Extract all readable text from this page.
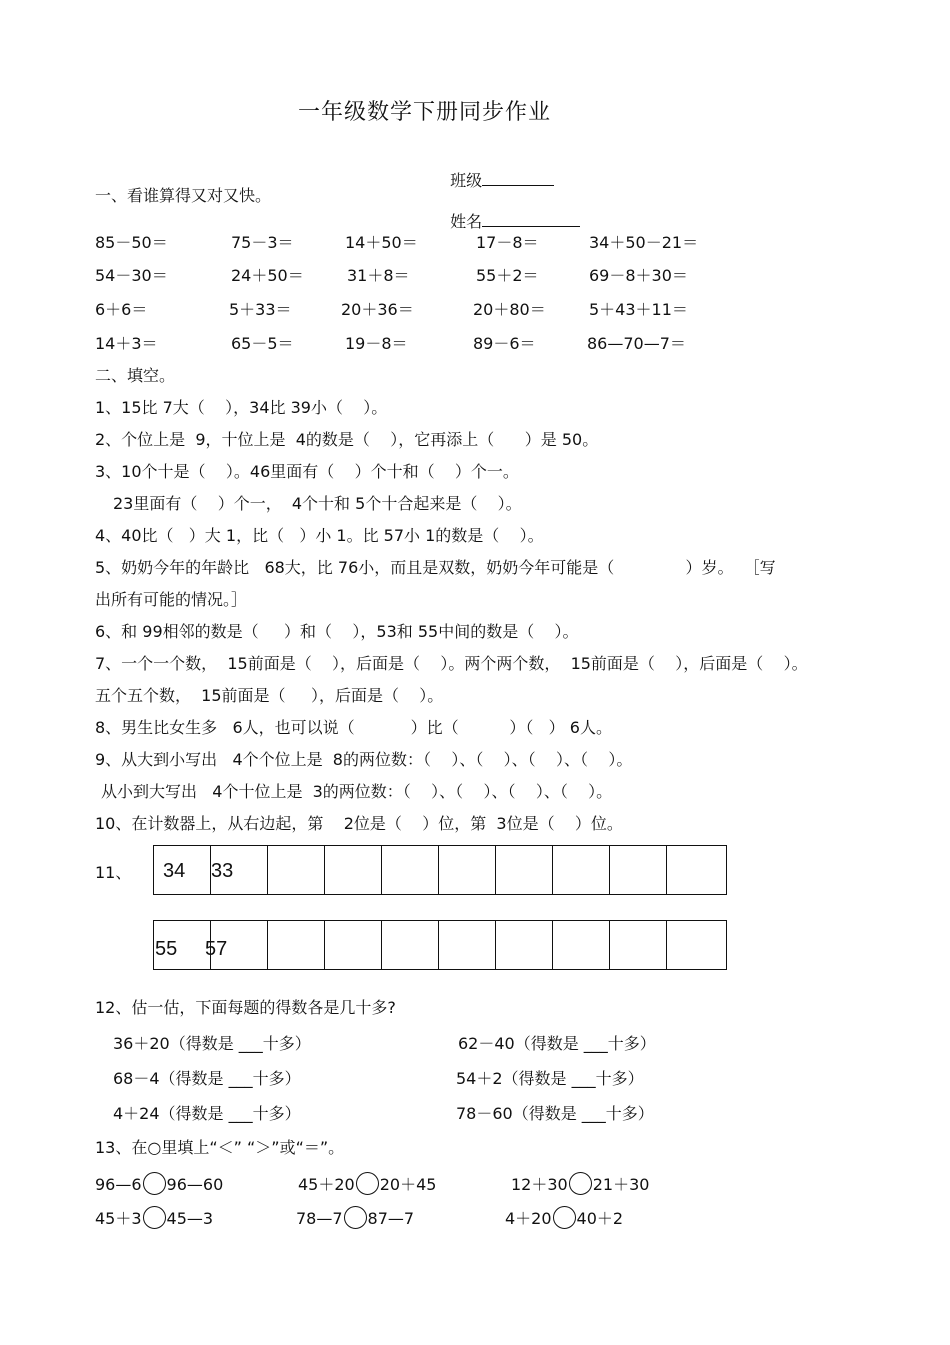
一年级数学下册同步作业

班级

姓名

一、看谁算得又对又快。
85－50＝	75－3＝	14＋50＝	17－8＝	34＋50－21＝
54－30＝	24＋50＝	31＋8＝	55＋2＝	69－8＋30＝
6＋6＝	5＋33＝	20＋36＝	20＋80＝	5＋43＋11＝
14＋3＝	65－5＝	19－8＝	89－6＝	86—70—7＝
二、填空。
1、15比 7大（    ），34比 39小（    ）。
2、个位上是  9，十位上是  4的数是（    ），它再添上（      ）是 50。
3、10个十是（    ）。46里面有（    ）个十和（    ）个一。
23里面有（    ）个一，  4个十和 5个十合起来是（    ）。
4、40比（   ）大 1，比（   ）小 1。比 57小 1的数是（    ）。
5、奶奶今年的年龄比   68大，比 76小，而且是双数，奶奶今年可能是（              ）岁。  ［写
出所有可能的情况。］
6、和 99相邻的数是（     ）和（    ），53和 55中间的数是（    ）。
7、一个一个数，  15前面是（    ），后面是（    ）。两个两个数，  15前面是（    ），后面是（    ）。
五个五个数，  15前面是（     ），后面是（    ）。
8、男生比女生多   6人，也可以说（           ）比（          ）（   ） 6人。
9、从大到小写出   4个个位上是  8的两位数：（    ）、（    ）、（    ）、（    ）。
从小到大写出   4个十位上是  3的两位数：（    ）、（    ）、（    ）、（    ）。
10、在计数器上，从右边起，第    2位是（    ）位，第  3位是（    ）位。
11、 34 33
55 57
12、估一估，下面每题的得数各是几十多?
36＋20（得数是 ___十多）	62－40（得数是 ___十多）
68－4（得数是 ___十多）	54＋2（得数是 ___十多）
4＋24（得数是 ___十多）	78－60（得数是 ___十多）
13、在○里填上“＜” “＞”或“＝”。
96—6 96—60	45＋20 20＋45	12＋30 21＋30
45＋3 45—3	78—7 87—7	4＋20 40＋2
